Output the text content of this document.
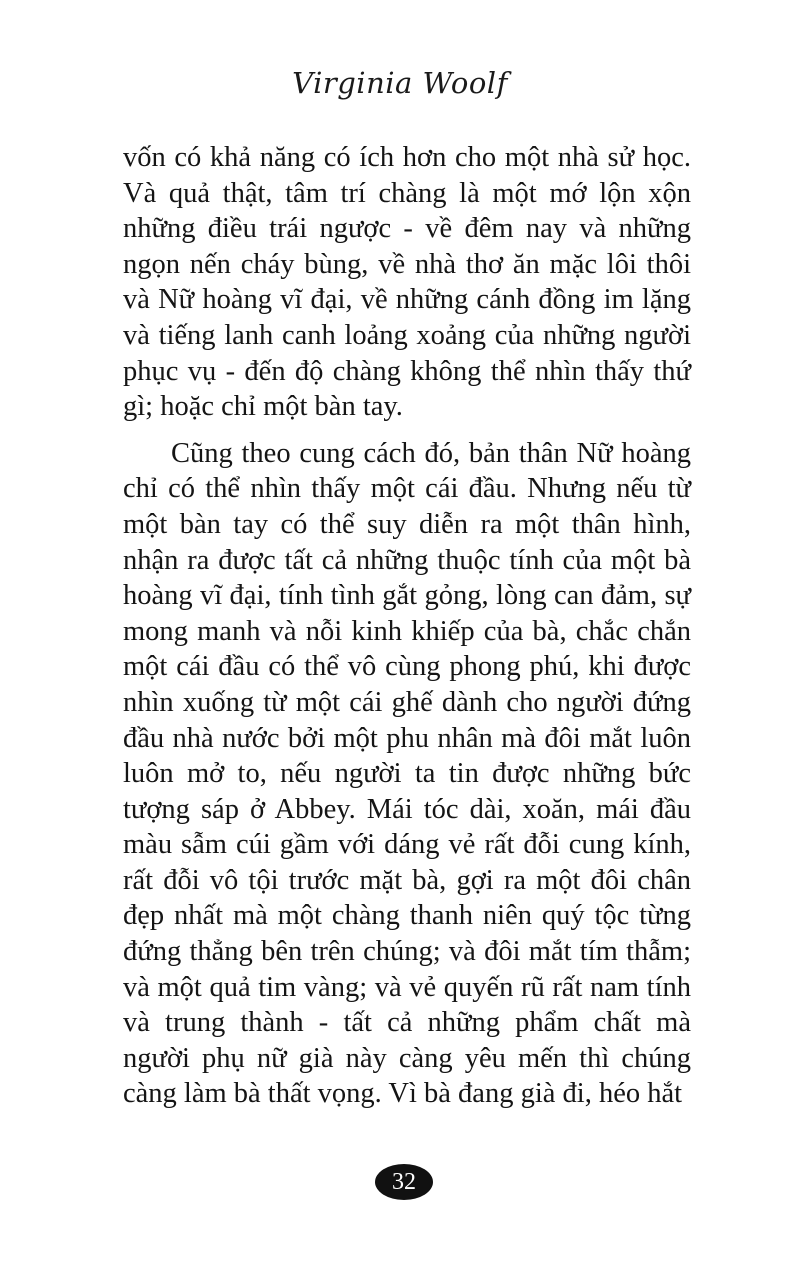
Virginia Woolf

vốn có khả năng có ích hơn cho một nhà sử học. Và quả thật, tâm trí chàng là một mớ lộn xộn những điều trái ngược - về đêm nay và những ngọn nến cháy bùng, về nhà thơ ăn mặc lôi thôi và Nữ hoàng vĩ đại, về những cánh đồng im lặng và tiếng lanh canh loảng xoảng của những người phục vụ - đến độ chàng không thể nhìn thấy thứ gì; hoặc chỉ một bàn tay.

Cũng theo cung cách đó, bản thân Nữ hoàng chỉ có thể nhìn thấy một cái đầu. Nhưng nếu từ một bàn tay có thể suy diễn ra một thân hình, nhận ra được tất cả những thuộc tính của một bà hoàng vĩ đại, tính tình gắt gỏng, lòng can đảm, sự mong manh và nỗi kinh khiếp của bà, chắc chắn một cái đầu có thể vô cùng phong phú, khi được nhìn xuống từ một cái ghế dành cho người đứng đầu nhà nước bởi một phu nhân mà đôi mắt luôn luôn mở to, nếu người ta tin được những bức tượng sáp ở Abbey. Mái tóc dài, xoăn, mái đầu màu sẫm cúi gầm với dáng vẻ rất đỗi cung kính, rất đỗi vô tội trước mặt bà, gợi ra một đôi chân đẹp nhất mà một chàng thanh niên quý tộc từng đứng thẳng bên trên chúng; và đôi mắt tím thẫm; và một quả tim vàng; và vẻ quyến rũ rất nam tính và trung thành - tất cả những phẩm chất mà người phụ nữ già này càng yêu mến thì chúng càng làm bà thất vọng. Vì bà đang già đi, héo hắt

32
